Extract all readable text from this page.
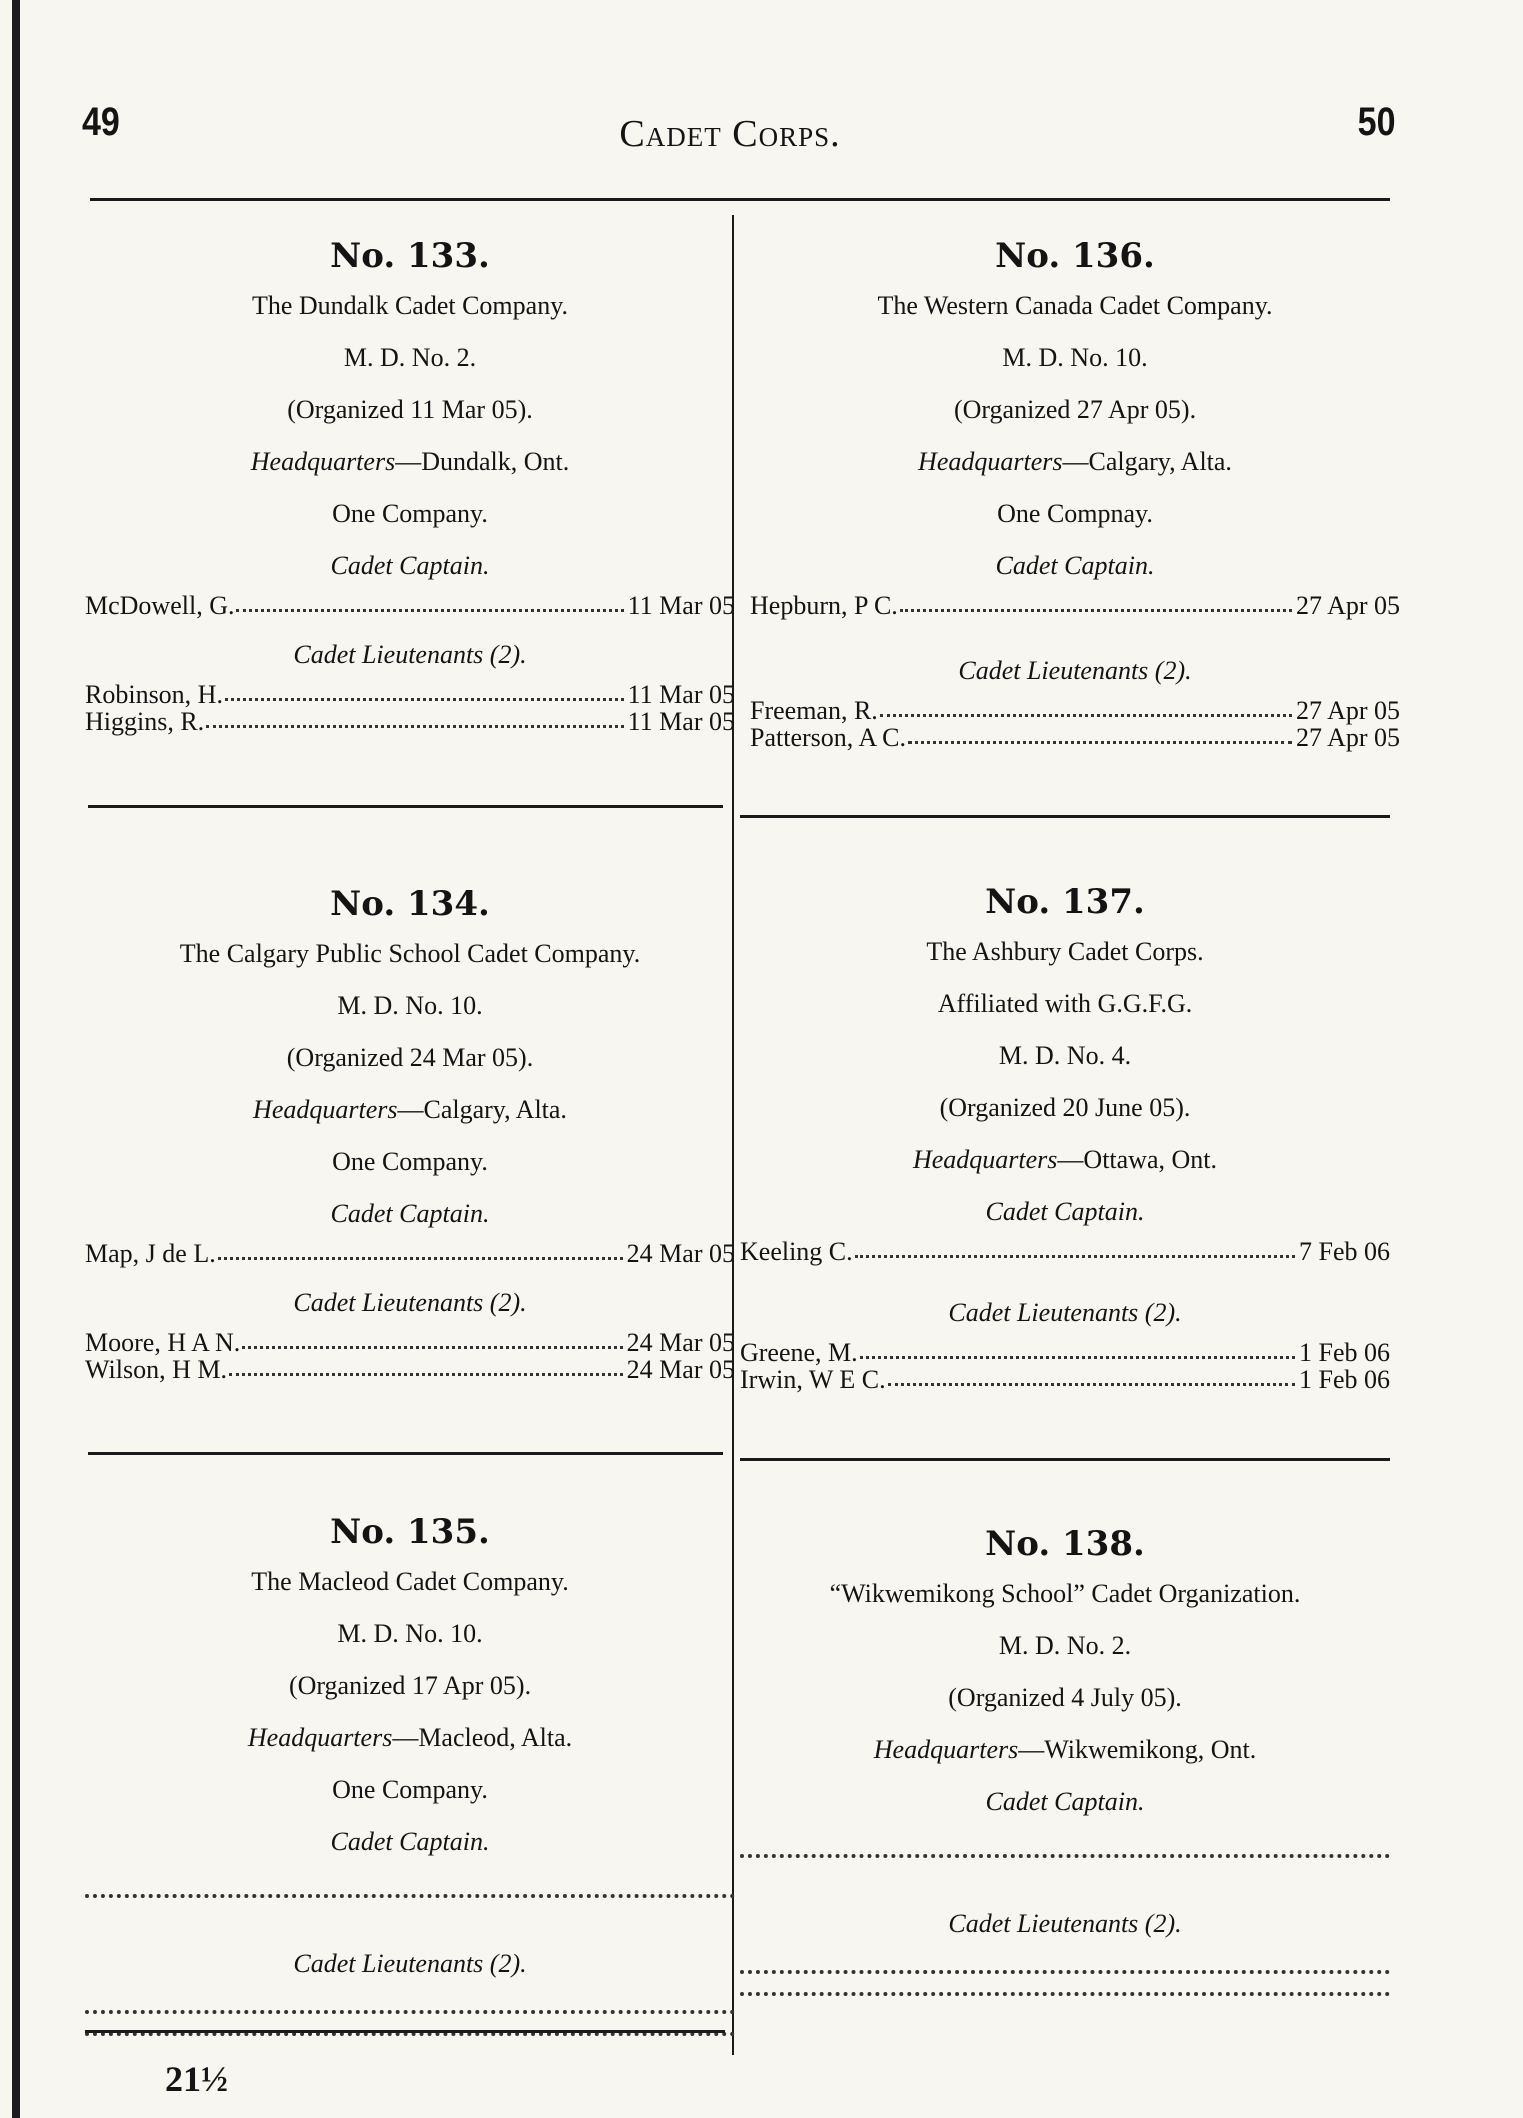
49	Cadet Corps.	50
No. 133.
The Dundalk Cadet Company.
M. D. No. 2.
(Organized 11 Mar 05).
Headquarters—Dundalk, Ont.
One Company.
Cadet Captain.
McDowell, G.	11 Mar 05
Cadet Lieutenants (2).
Robinson, H.	11 Mar 05
Higgins, R.	11 Mar 05
No. 134.
The Calgary Public School Cadet Company.
M. D. No. 10.
(Organized 24 Mar 05).
Headquarters—Calgary, Alta.
One Company.
Cadet Captain.
Map, J de L.	24 Mar 05
Cadet Lieutenants (2).
Moore, H A N.	24 Mar 05
Wilson, H M.	24 Mar 05
No. 135.
The Macleod Cadet Company.
M. D. No. 10.
(Organized 17 Apr 05).
Headquarters—Macleod, Alta.
One Company.
Cadet Captain.
Cadet Lieutenants (2).
No. 136.
The Western Canada Cadet Company.
M. D. No. 10.
(Organized 27 Apr 05).
Headquarters—Calgary, Alta.
One Compnay.
Cadet Captain.
Hepburn, P C.	27 Apr 05
Cadet Lieutenants (2).
Freeman, R.	27 Apr 05
Patterson, A C.	27 Apr 05
No. 137.
The Ashbury Cadet Corps.
Affiliated with G.G.F.G.
M. D. No. 4.
(Organized 20 June 05).
Headquarters—Ottawa, Ont.
Cadet Captain.
Keeling C.	7 Feb 06
Cadet Lieutenants (2).
Greene, M.	1 Feb 06
Irwin, W E C.	1 Feb 06
No. 138.
“Wikwemikong School” Cadet Organization.
M. D. No. 2.
(Organized 4 July 05).
Headquarters—Wikwemikong, Ont.
Cadet Captain.
Cadet Lieutenants (2).
21½
